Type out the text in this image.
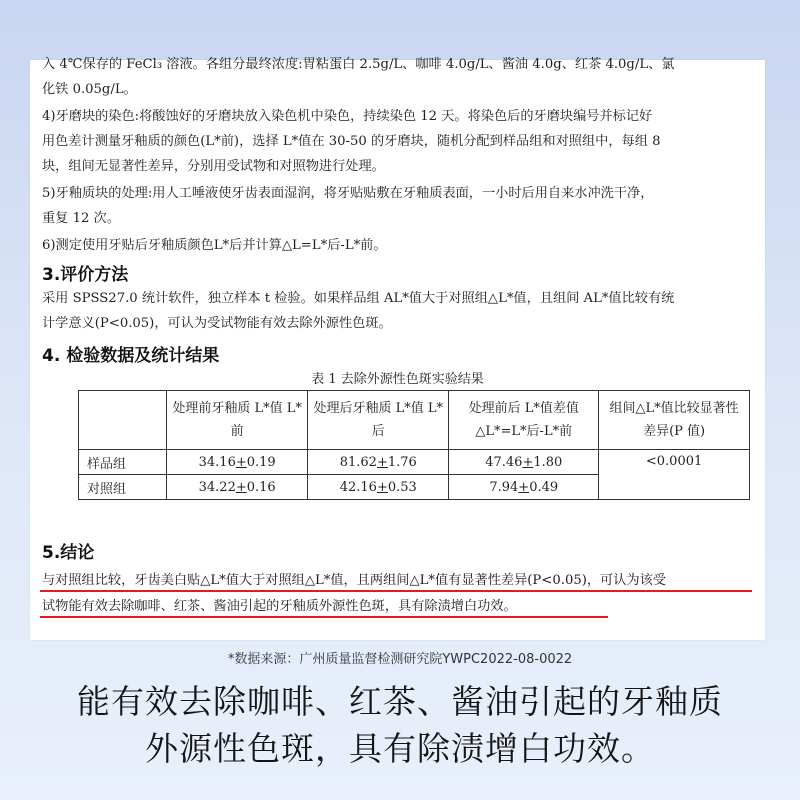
入 4℃保存的 FeCl₃ 溶液。各组分最终浓度:胃粘蛋白 2.5g/L、咖啡 4.0g/L、酱油 4.0g、红茶 4.0g/L、氯
化铁 0.05g/L。
4)牙磨块的染色:将酸蚀好的牙磨块放入染色机中染色，持续染色 12 天。将染色后的牙磨块编号并标记好
用色差计测量牙釉质的颜色(L*前)，选择 L*值在 30-50 的牙磨块，随机分配到样品组和对照组中，每组 8
块，组间无显著性差异，分别用受试物和对照物进行处理。
5)牙釉质块的处理:用人工唾液使牙齿表面湿润，将牙贴贴敷在牙釉质表面，一小时后用自来水冲洗干净，
重复 12 次。
6)测定使用牙贴后牙釉质颜色L*后并计算△L=L*后-L*前。
3.评价方法
采用 SPSS27.0 统计软件，独立样本 t 检验。如果样品组 AL*值大于对照组△L*值，且组间 AL*值比较有统
计学意义(P<0.05)，可认为受试物能有效去除外源性色斑。
4. 检验数据及统计结果
表 1 去除外源性色斑实验结果
	处理前牙釉质 L*值 L*前	处理后牙釉质 L*值 L*后	处理前后 L*值差值 △L*=L*后-L*前	组间△L*值比较显著性差异(P 值)
样品组	34.16+0.19	81.62+1.76	47.46+1.80	<0.0001
对照组	34.22+0.16	42.16+0.53	7.94+0.49	
5.结论
与对照组比较，牙齿美白贴△L*值大于对照组△L*值，且两组间△L*值有显著性差异(P<0.05)，可认为该受
试物能有效去除咖啡、红茶、酱油引起的牙釉质外源性色斑，具有除渍增白功效。
*数据来源：广州质量监督检测研究院YWPC2022-08-0022
能有效去除咖啡、红茶、酱油引起的牙釉质
外源性色斑，具有除渍增白功效。
